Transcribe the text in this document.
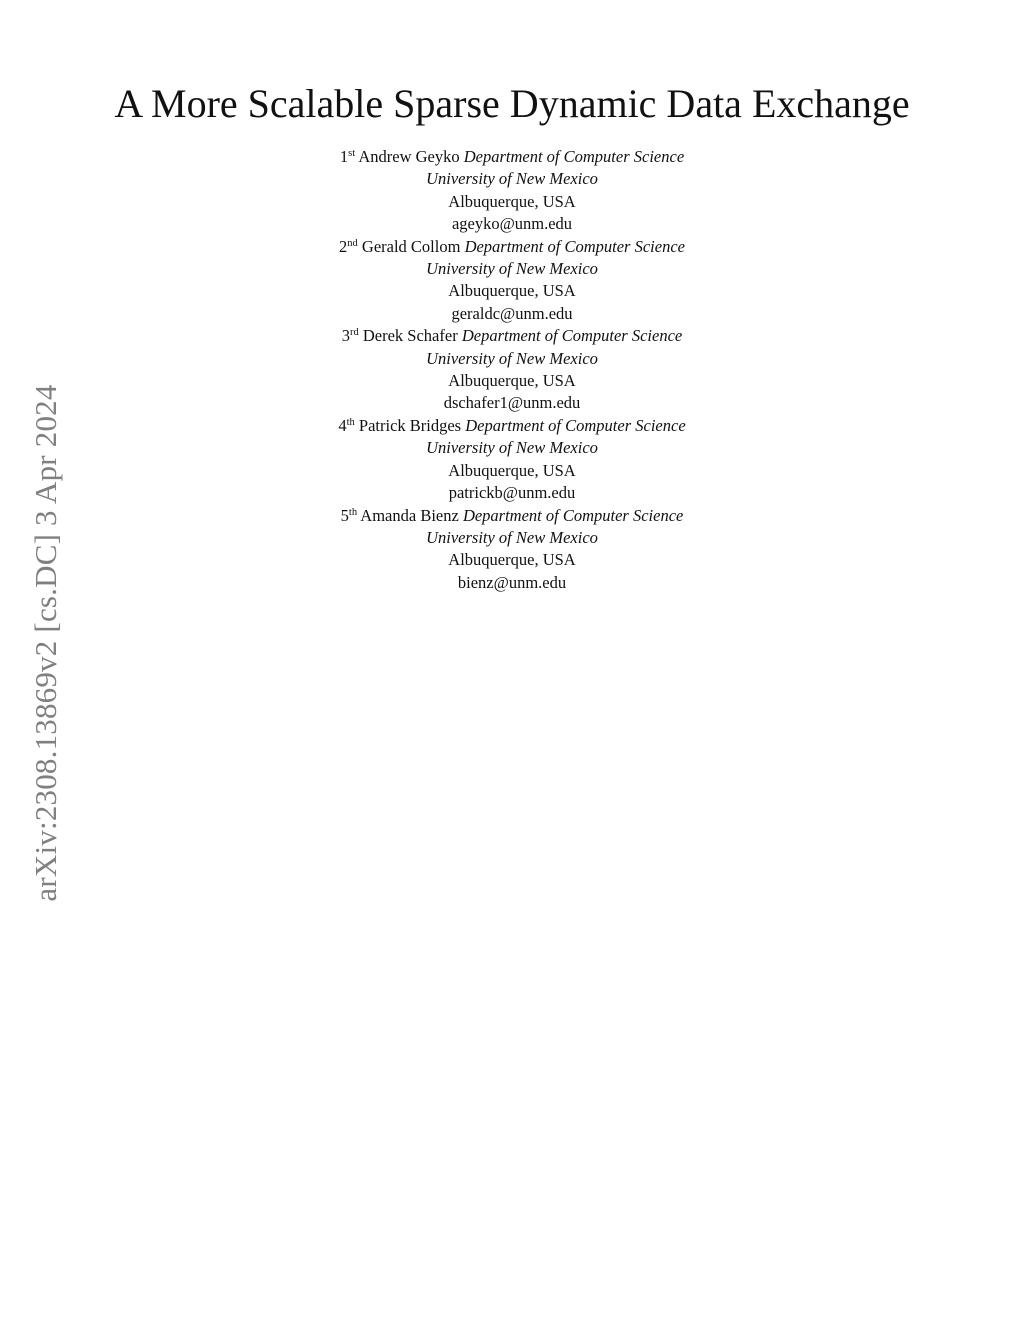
arXiv:2308.13869v2 [cs.DC] 3 Apr 2024
A More Scalable Sparse Dynamic Data Exchange
1st Andrew Geyko Department of Computer Science
University of New Mexico
Albuquerque, USA
ageyko@unm.edu
2nd Gerald Collom Department of Computer Science
University of New Mexico
Albuquerque, USA
geraldc@unm.edu
3rd Derek Schafer Department of Computer Science
University of New Mexico
Albuquerque, USA
dschafer1@unm.edu
4th Patrick Bridges Department of Computer Science
University of New Mexico
Albuquerque, USA
patrickb@unm.edu
5th Amanda Bienz Department of Computer Science
University of New Mexico
Albuquerque, USA
bienz@unm.edu
